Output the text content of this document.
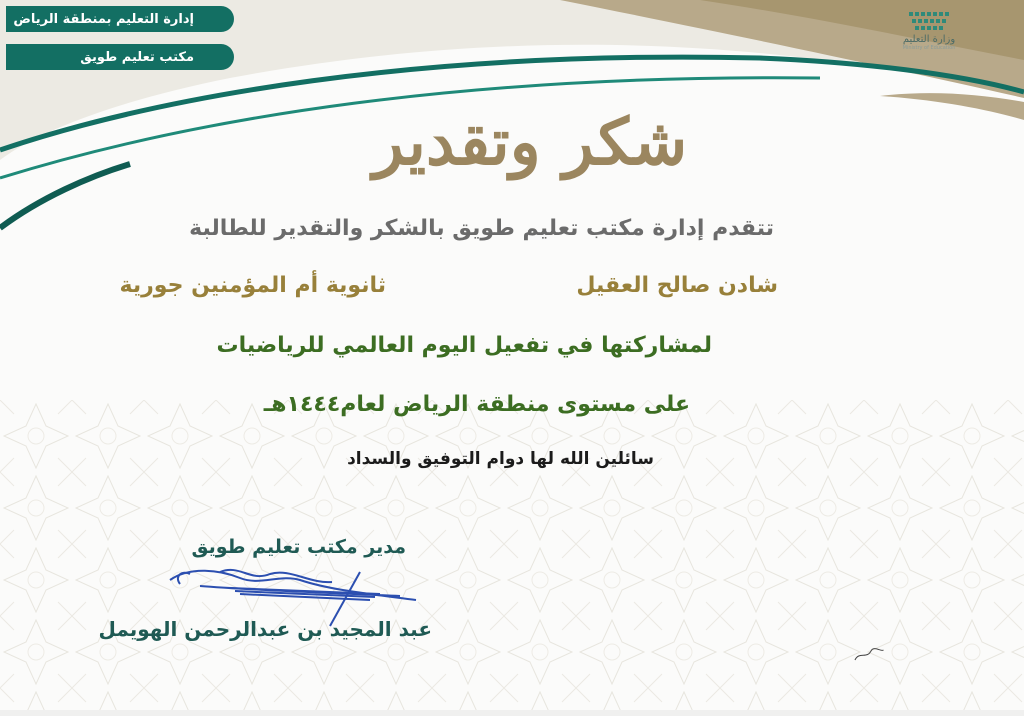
إدارة التعليم بمنطقة الرياض
مكتب تعليم طويق
وزارة التعليم
Ministry of Education
شكر وتقدير
تتقدم إدارة مكتب تعليم طويق بالشكر والتقدير للطالبة
شادن صالح العقيل
ثانوية أم المؤمنين جورية
لمشاركتها في تفعيل اليوم العالمي للرياضيات
على مستوى منطقة الرياض لعام١٤٤٤هـ
سائلين الله لها دوام التوفيق والسداد
مدير مكتب تعليم طويق
عبد المجيد بن عبدالرحمن الهويمل
